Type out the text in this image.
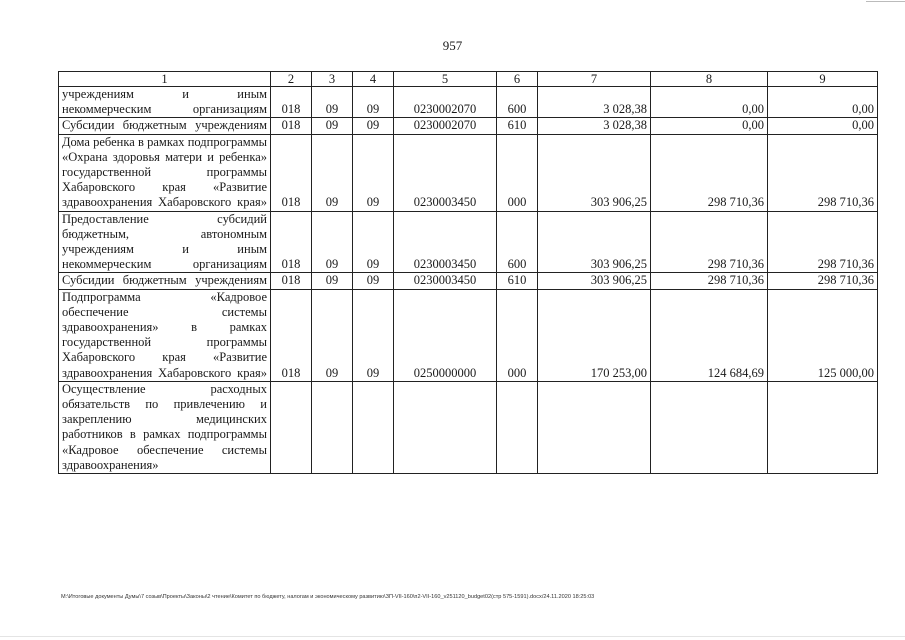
957
1	2	3	4	5	6	7	8	9
учреждениям и иным некоммерческим организациям	018	09	09	0230002070	600	3 028,38	0,00	0,00
Субсидии бюджетным учреждениям	018	09	09	0230002070	610	3 028,38	0,00	0,00
Дома ребенка в рамках подпрограммы «Охрана здоровья матери и ребенка» государственной программы Хабаровского края «Развитие здравоохранения Хабаровского края»	018	09	09	0230003450	000	303 906,25	298 710,36	298 710,36
Предоставление субсидий бюджетным, автономным учреждениям и иным некоммерческим организациям	018	09	09	0230003450	600	303 906,25	298 710,36	298 710,36
Субсидии бюджетным учреждениям	018	09	09	0230003450	610	303 906,25	298 710,36	298 710,36
Подпрограмма «Кадровое обеспечение системы здравоохранения» в рамках государственной программы Хабаровского края «Развитие здравоохранения Хабаровского края»	018	09	09	0250000000	000	170 253,00	124 684,69	125 000,00
Осуществление расходных обязательств по привлечению и закреплению медицинских работников в рамках подпрограммы «Кадровое обеспечение системы здравоохранения»								
M:\Итоговые документы Думы\7 созыв\Проекты\Законы\2 чтение\Комитет по бюджету, налогам и экономическому развитию\ЗП-VII-160\п2-VII-160_v251120_budget02(стр 575-1591).docx/24.11.2020 18:25:03
